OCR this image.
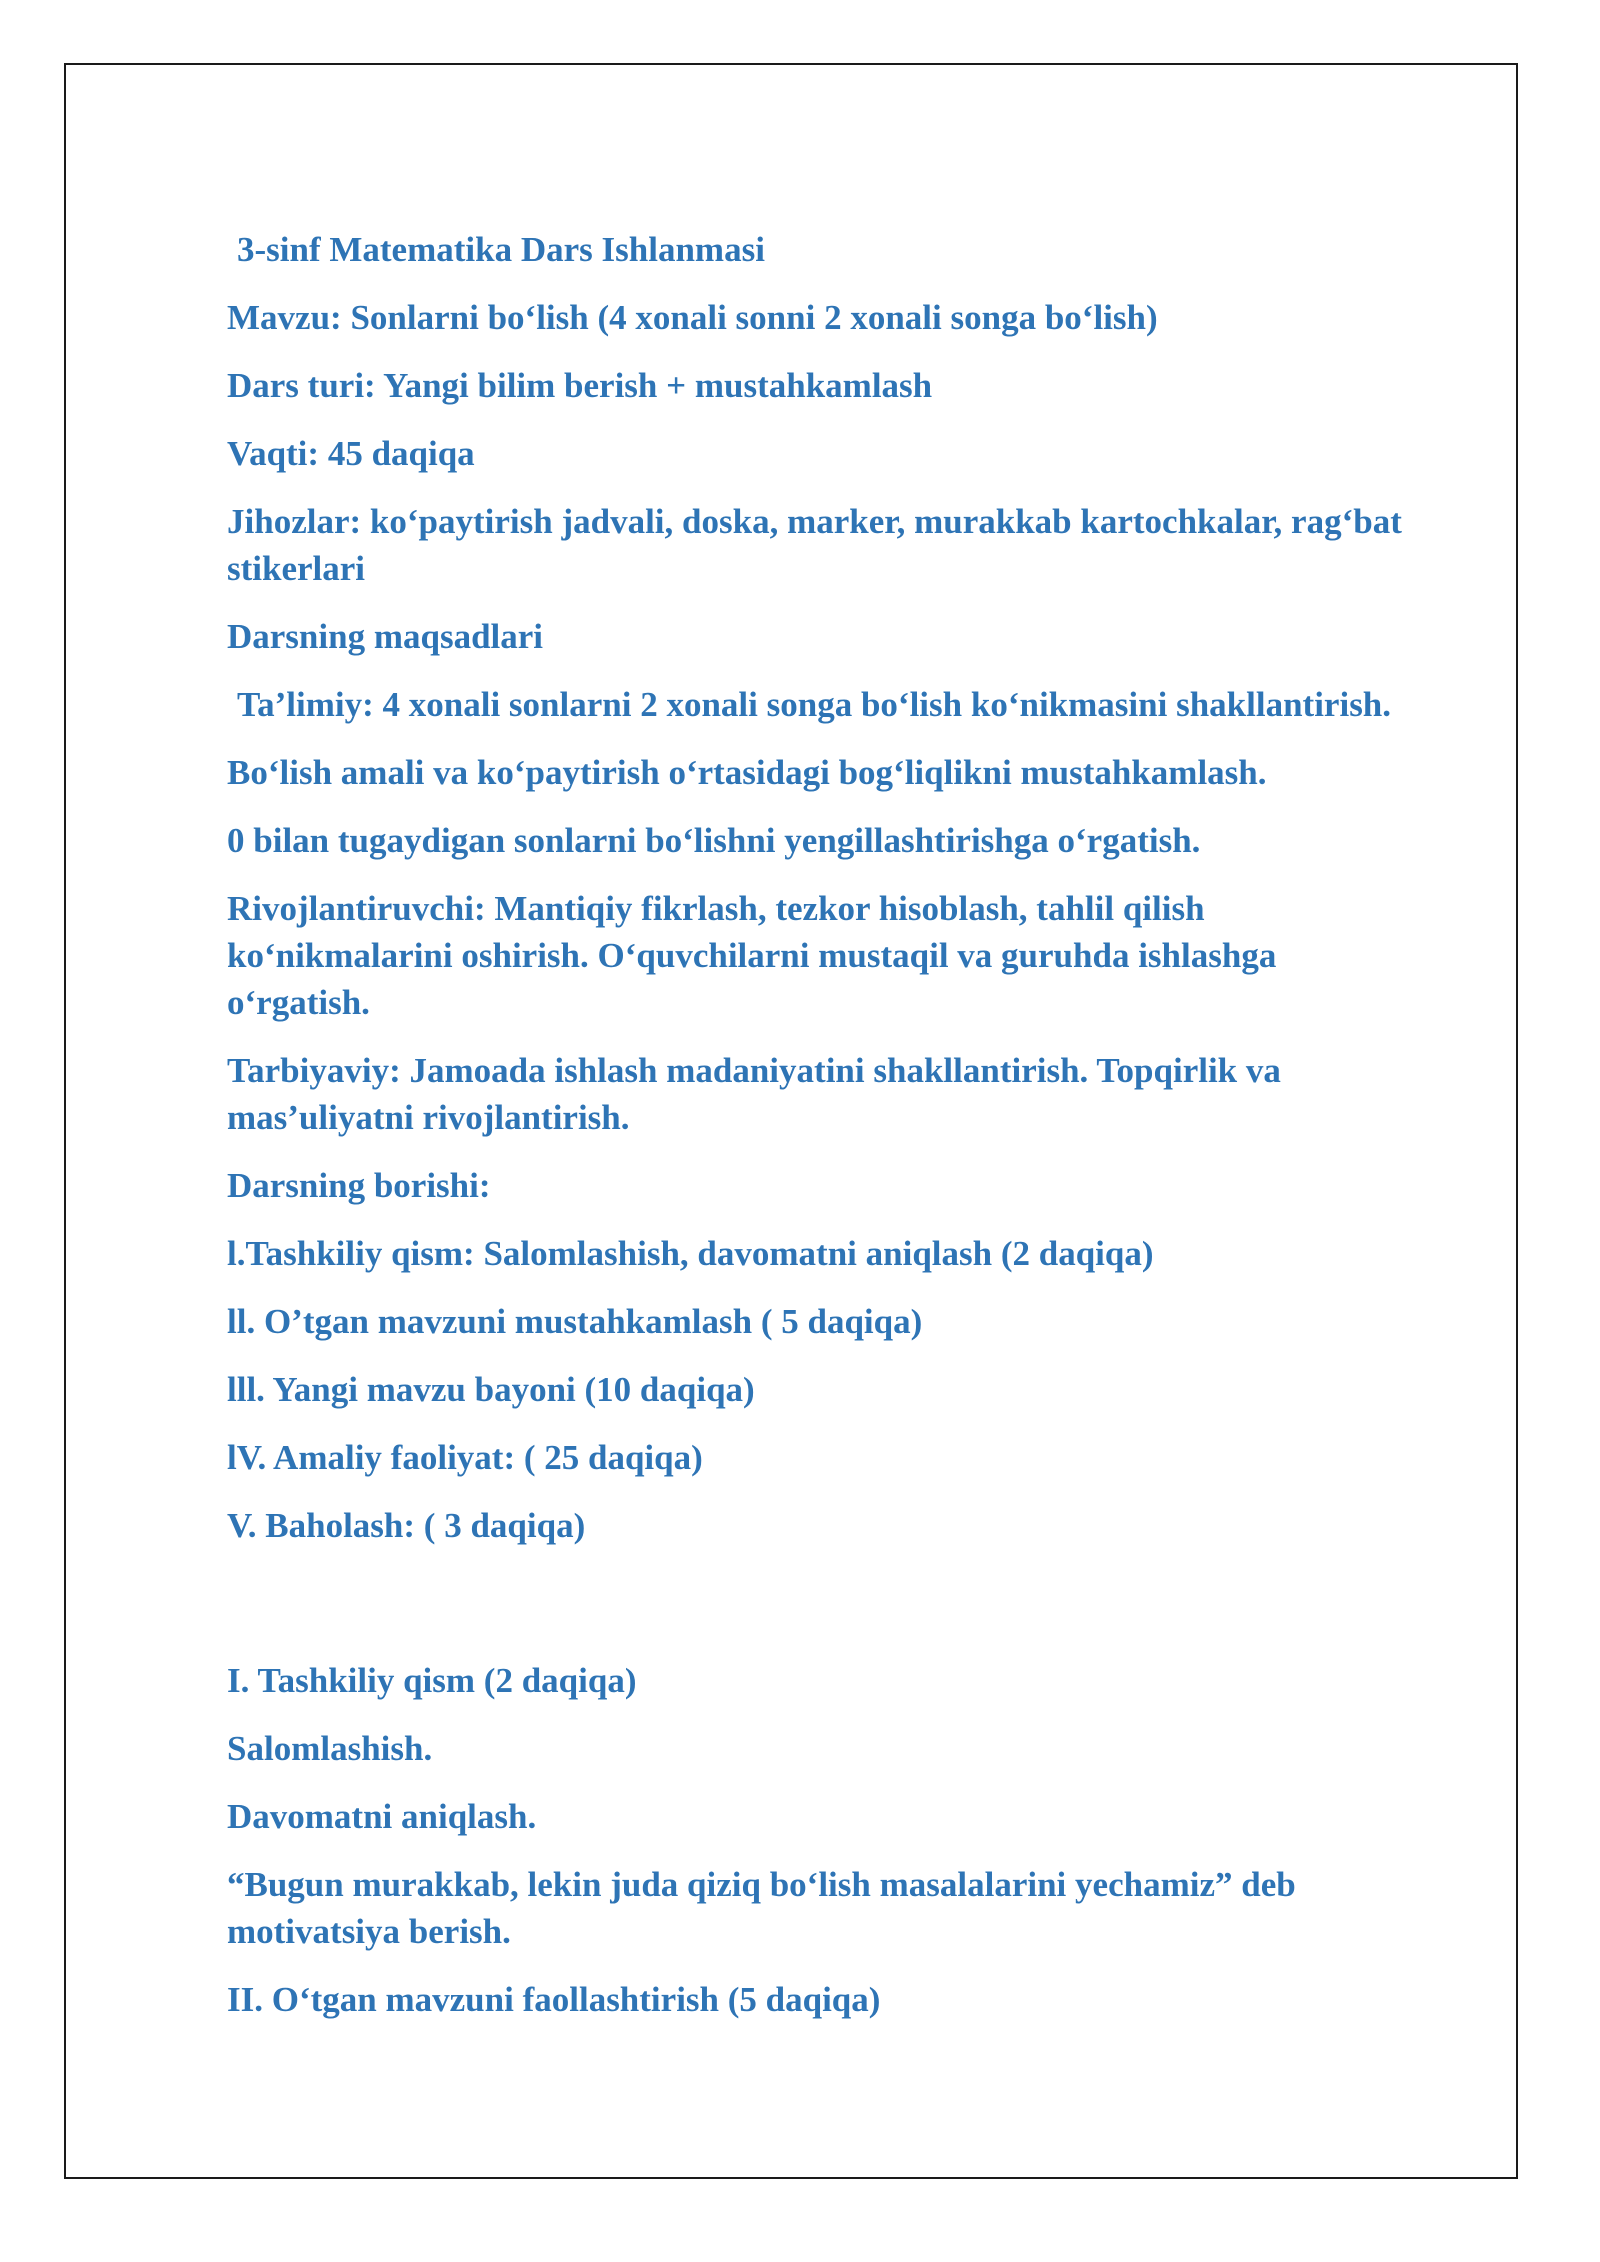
3-sinf Matematika Dars Ishlanmasi

Mavzu: Sonlarni bo‘lish (4 xonali sonni 2 xonali songa bo‘lish)

Dars turi: Yangi bilim berish + mustahkamlash

Vaqti: 45 daqiqa

Jihozlar: ko‘paytirish jadvali, doska, marker, murakkab kartochkalar, rag‘bat stikerlari

Darsning maqsadlari

Ta’limiy: 4 xonali sonlarni 2 xonali songa bo‘lish ko‘nikmasini shakllantirish.

Bo‘lish amali va ko‘paytirish o‘rtasidagi bog‘liqlikni mustahkamlash.

0 bilan tugaydigan sonlarni bo‘lishni yengillashtirishga o‘rgatish.

Rivojlantiruvchi: Mantiqiy fikrlash, tezkor hisoblash, tahlil qilish ko‘nikmalarini oshirish. O‘quvchilarni mustaqil va guruhda ishlashga o‘rgatish.

Tarbiyaviy: Jamoada ishlash madaniyatini shakllantirish. Topqirlik va mas’uliyatni rivojlantirish.

Darsning borishi:

l.Tashkiliy qism: Salomlashish, davomatni aniqlash (2 daqiqa)

ll. O’tgan mavzuni mustahkamlash ( 5 daqiqa)

lll. Yangi mavzu bayoni (10 daqiqa)

lV. Amaliy faoliyat: ( 25 daqiqa)

V. Baholash: ( 3 daqiqa)

I. Tashkiliy qism (2 daqiqa)

Salomlashish.

Davomatni aniqlash.

“Bugun murakkab, lekin juda qiziq bo‘lish masalalarini yechamiz” deb motivatsiya berish.

II. O‘tgan mavzuni faollashtirish (5 daqiqa)
